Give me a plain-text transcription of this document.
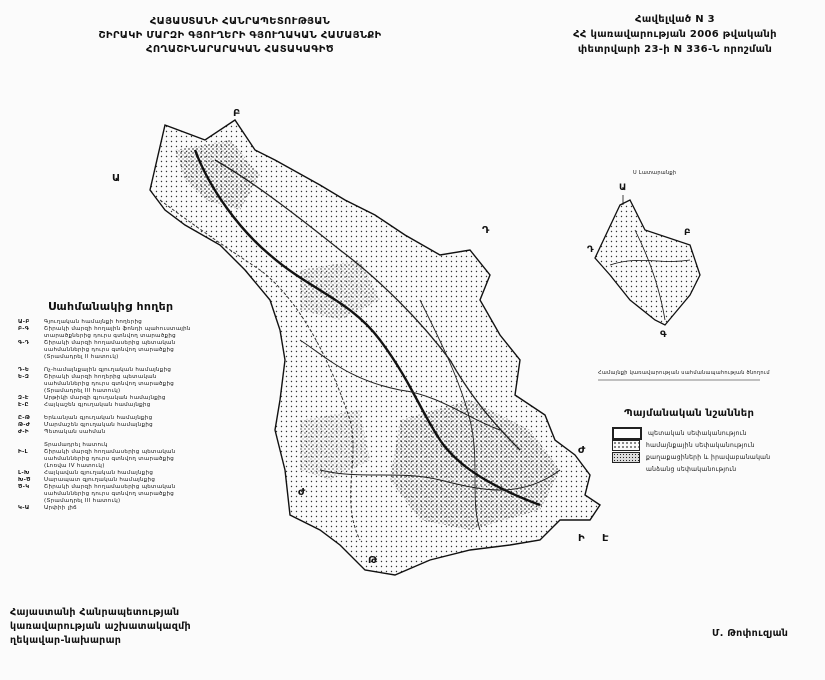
ՀԱՅԱՍՏԱՆԻ ՀԱՆՐԱՊԵՏՈՒԹՅԱՆ
ՇԻՐԱԿԻ ՄԱՐԶԻ ԳՅՈՒՂԵՐԻ ԳՅՈՒՂԱԿԱՆ ՀԱՄԱՅՆՔԻ
ՀՈՂԱՇԻՆԱՐԱՐԱԿԱՆ ՀԱՏԱԿԱԳԻԾ
Հավելված N 3
ՀՀ կառավարության 2006 թվականի
փետրվարի 23-ի N 336-Ն որոշման
Բ
Ա
Դ
Ժ
Ի Է
Ժ
Թ
Ս Լատարանքի
Ա
Բ
Գ
Դ
Համայնքի կառավարության սահմանապահության ծնողում
Սահմանակից հողեր
Ա-Բ	Գյուղական համայնքի հողերից
Բ-Գ	Շիրակի մարզի հողային ֆոնդի պահուստային
տարածքներից դուրս գտնվող տարածքից
Գ-Դ	Շիրակի մարզի հողամասերից պետական
սահմաններից դուրս գտնվող տարածքից
(Տրամադրել II հատուկ)
Դ-Ե	Ոչ-համայնքային գյուղական համայնքից
Ե-Զ	Շիրակի մարզի հողերից պետական
սահմաններից դուրս գտնվող տարածքից
(Տրամադրել III հատուկ)
Զ-Է	Արթիկի մարզի գյուղական համայնքից
Է-Ը	Հայկաշեն գյուղական համայնքից
Ը-Թ	Երևանյան գյուղական համայնքից
Թ-Ժ	Մարմաշեն գյուղական համայնքից
Ժ-Ի	Պետական սահման
Տրամադրել հատուկ
Ի-Լ	Շիրակի մարզի հողամասերից պետական
սահմաններից դուրս գտնվող տարածքից
(Լոռվա IV հատուկ)
Լ-Խ	Հայկավան գյուղական համայնքից
Խ-Ծ	Սարապատ գյուղական համայնքից
Ծ-Կ	Շիրակի մարզի հողամասերից պետական
սահմաններից դուրս գտնվող տարածքից
(Տրամադրել III հատուկ)
Կ-Ա	Արփիի լիճ
Պայմանական նշաններ
պետական սեփականություն
համայնքային սեփականություն
քաղաքացիների և իրավաբանական
անձանց սեփականություն
Հայաստանի Հանրապետության
կառավարության աշխատակազմի
ղեկավար-նախարար
Մ. Թոփուզյան
